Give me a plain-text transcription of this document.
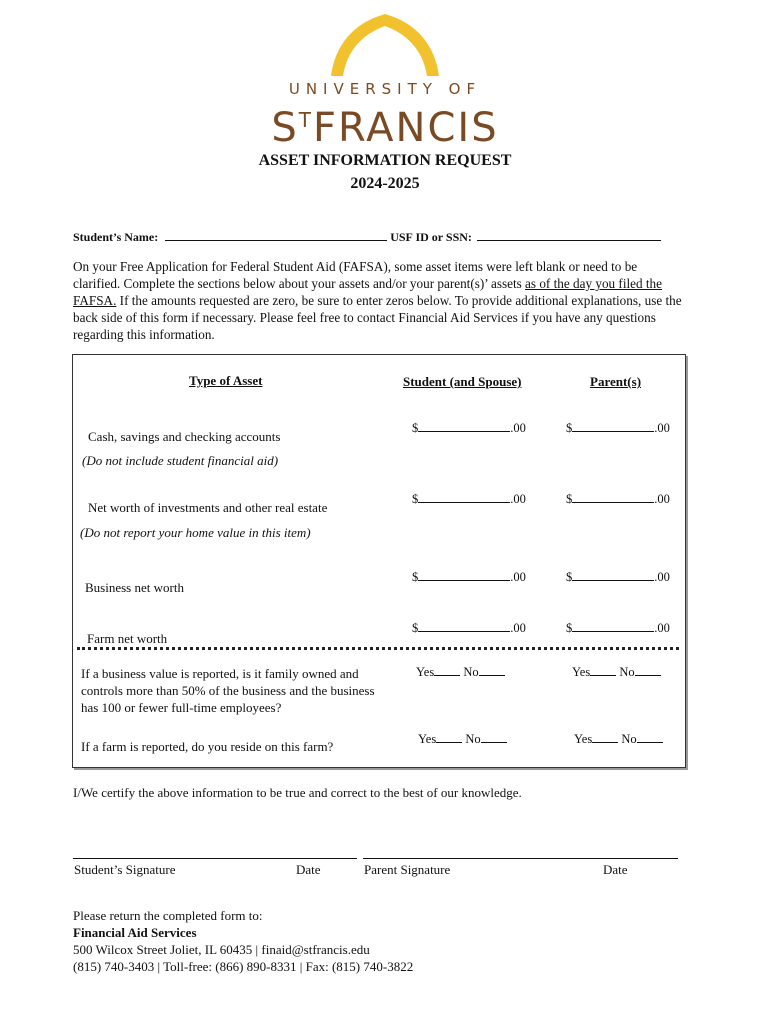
UNIVERSITY OF
$S^TFRANCIS$
ASSET INFORMATION REQUEST
2024-2025
Student’s Name:	USF ID or SSN:
On your Free Application for Federal Student Aid (FAFSA), some asset items were left blank or need to be clarified. Complete the sections below about your assets and/or your parent(s)’ assets as of the day you filed the FAFSA. If the amounts requested are zero, be sure to enter zeros below. To provide additional explanations, use the back side of this form if necessary. Please feel free to contact Financial Aid Services if you have any questions regarding this information.
Type of Asset	Student (and Spouse)	Parent(s)
Cash, savings and checking accounts
(Do not include student financial aid)
$	.00	$	.00
Net worth of investments and other real estate
(Do not report your home value in this item)
$	.00	$	.00
Business net worth
$	.00	$	.00
Farm net worth
$	.00	$	.00
If a business value is reported, is it family owned and controls more than 50% of the business and the business has 100 or fewer full-time employees?
Yes No	Yes No
If a farm is reported, do you reside on this farm?	Yes No	Yes No
I/We certify the above information to be true and correct to the best of our knowledge.
Student’s Signature	Date	Parent Signature	Date
Please return the completed form to:
Financial Aid Services
500 Wilcox Street Joliet, IL 60435 | finaid@stfrancis.edu
(815) 740-3403 | Toll-free: (866) 890-8331 | Fax: (815) 740-3822
